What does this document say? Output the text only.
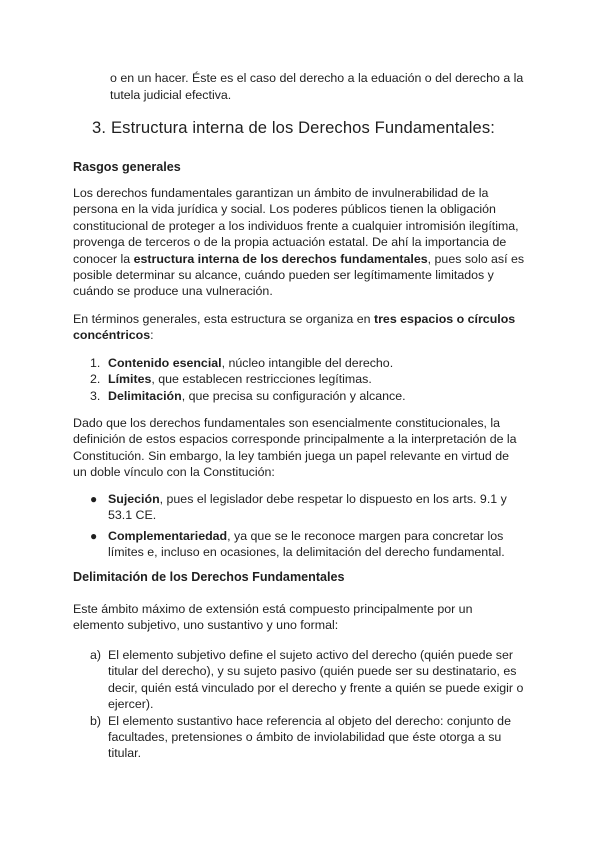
o en un hacer. Éste es el caso del derecho a la eduación o del derecho a la

tutela judicial efectiva.

3. Estructura interna de los Derechos Fundamentales:
Rasgos generales

Los derechos fundamentales garantizan un ámbito de invulnerabilidad de la persona en la vida jurídica y social. Los poderes públicos tienen la obligación constitucional de proteger a los individuos frente a cualquier intromisión ilegítima, provenga de terceros o de la propia actuación estatal. De ahí la importancia de conocer la estructura interna de los derechos fundamentales, pues solo así es posible determinar su alcance, cuándo pueden ser legítimamente limitados y cuándo se produce una vulneración.

En términos generales, esta estructura se organiza en tres espacios o círculos concéntricos:

1. Contenido esencial, núcleo intangible del derecho.
2. Límites, que establecen restricciones legítimas.
3. Delimitación, que precisa su configuración y alcance.

Dado que los derechos fundamentales son esencialmente constitucionales, la definición de estos espacios corresponde principalmente a la interpretación de la Constitución. Sin embargo, la ley también juega un papel relevante en virtud de un doble vínculo con la Constitución:

● Sujeción, pues el legislador debe respetar lo dispuesto en los arts. 9.1 y 53.1 CE.
● Complementariedad, ya que se le reconoce margen para concretar los límites e, incluso en ocasiones, la delimitación del derecho fundamental.
Delimitación de los Derechos Fundamentales

Este ámbito máximo de extensión está compuesto principalmente por un elemento subjetivo, uno sustantivo y uno formal:

a) El elemento subjetivo define el sujeto activo del derecho (quién puede ser titular del derecho), y su sujeto pasivo (quién puede ser su destinatario, es decir, quién está vinculado por el derecho y frente a quién se puede exigir o ejercer).
b) El elemento sustantivo hace referencia al objeto del derecho: conjunto de facultades, pretensiones o ámbito de inviolabilidad que éste otorga a su titular.
